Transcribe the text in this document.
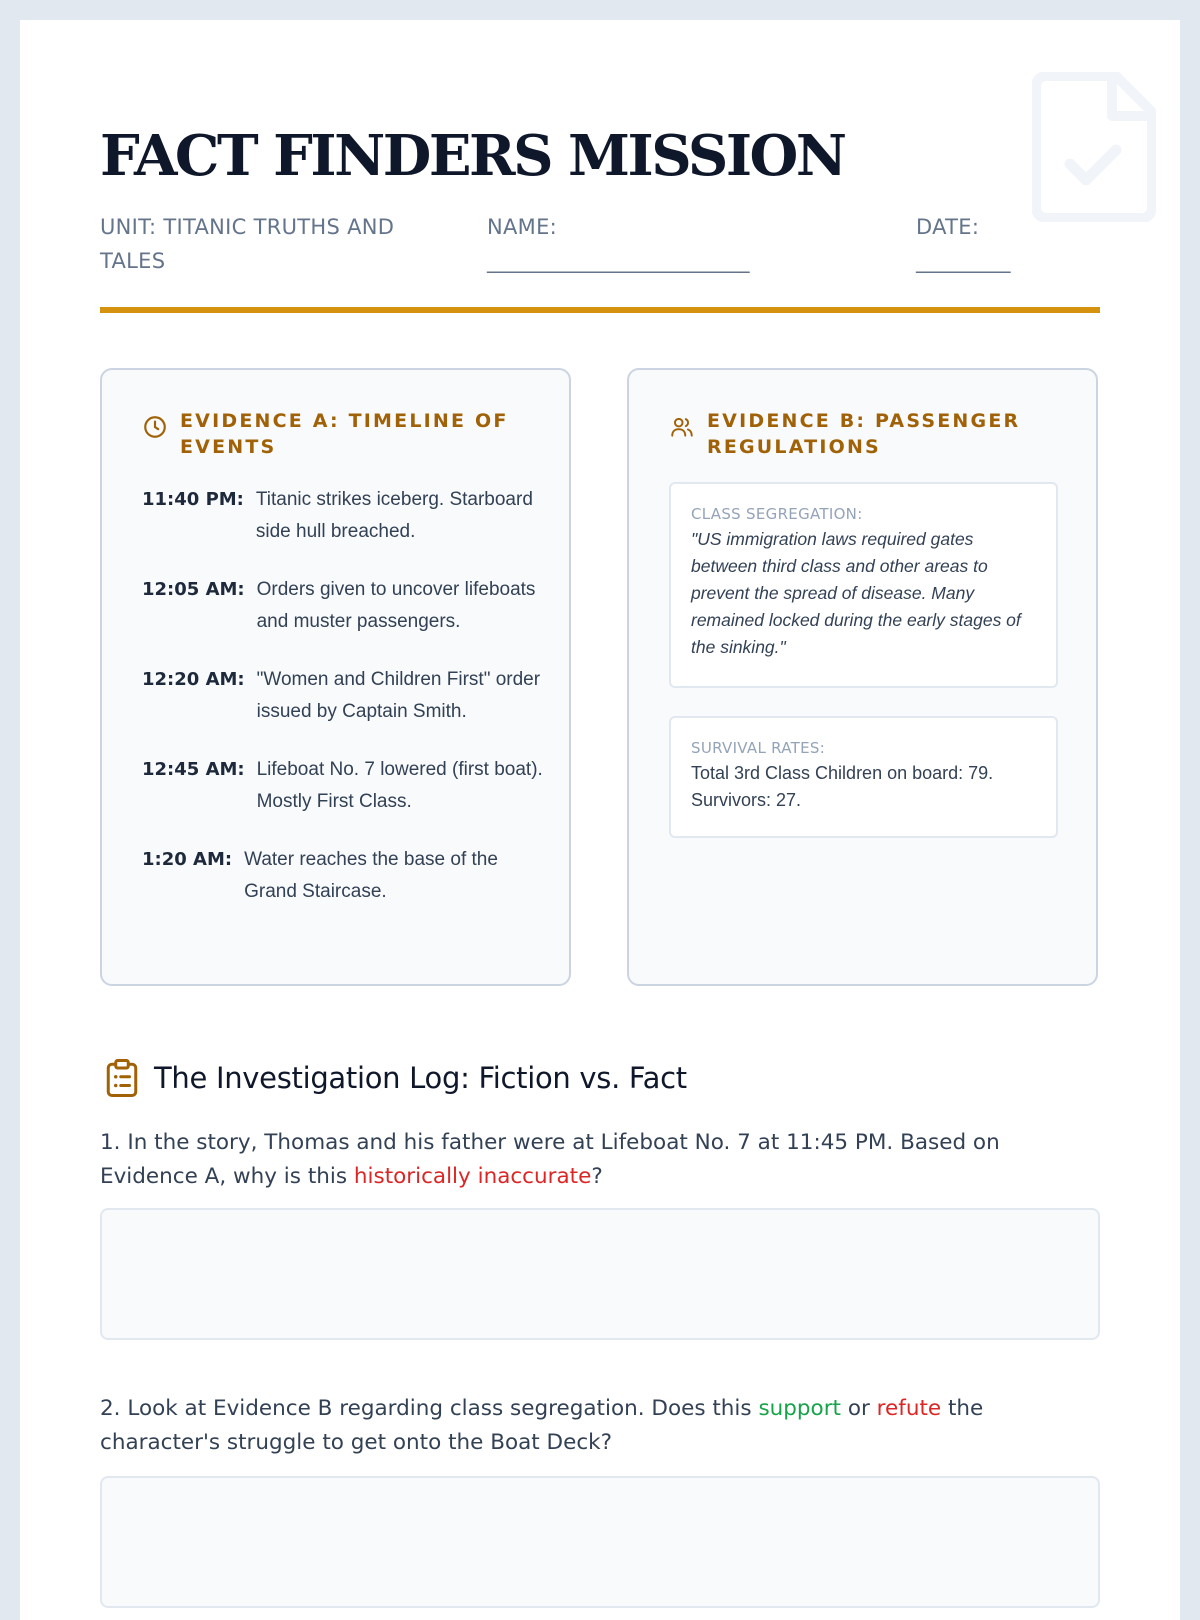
FACT FINDERS MISSION
UNIT: TITANIC TRUTHS AND TALES
NAME:
_________________________
DATE:
_________
EVIDENCE A: TIMELINE OF EVENTS
11:40 PM: Titanic strikes iceberg. Starboard side hull breached.
12:05 AM: Orders given to uncover lifeboats and muster passengers.
12:20 AM: "Women and Children First" order issued by Captain Smith.
12:45 AM: Lifeboat No. 7 lowered (first boat). Mostly First Class.
1:20 AM: Water reaches the base of the Grand Staircase.
EVIDENCE B: PASSENGER REGULATIONS
CLASS SEGREGATION:

"US immigration laws required gates between third class and other areas to prevent the spread of disease. Many remained locked during the early stages of the sinking."

SURVIVAL RATES:

Total 3rd Class Children on board: 79. Survivors: 27.

The Investigation Log: Fiction vs. Fact

1. In the story, Thomas and his father were at Lifeboat No. 7 at 11:45 PM. Based on Evidence A, why is this historically inaccurate?

2. Look at Evidence B regarding class segregation. Does this support or refute the character's struggle to get onto the Boat Deck?
